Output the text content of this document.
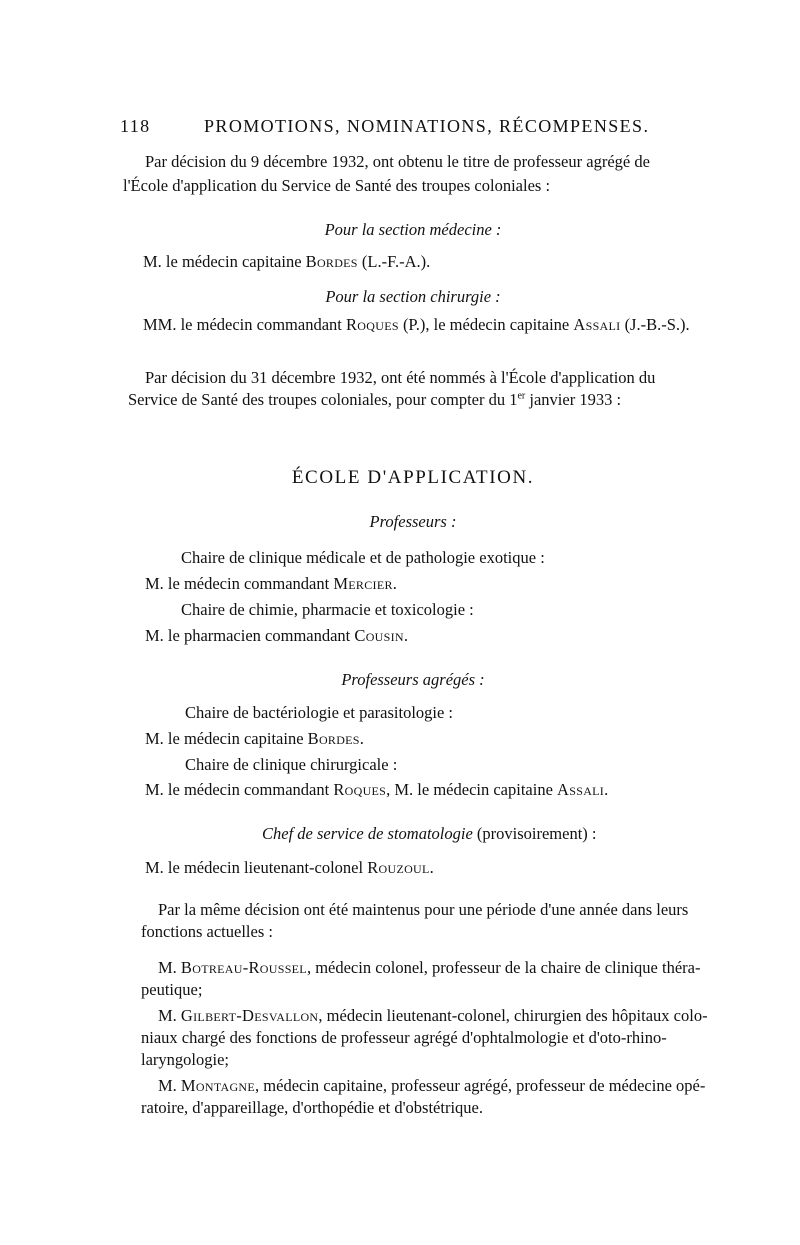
118	PROMOTIONS, NOMINATIONS, RÉCOMPENSES.

Par décision du 9 décembre 1932, ont obtenu le titre de professeur agrégé de

l'École d'application du Service de Santé des troupes coloniales :

Pour la section médecine :

M. le médecin capitaine Bordes (L.-F.-A.).

Pour la section chirurgie :

MM. le médecin commandant Roques (P.), le médecin capitaine Assali (J.-B.-S.).

Par décision du 31 décembre 1932, ont été nommés à l'École d'application du

Service de Santé des troupes coloniales, pour compter du 1er janvier 1933 :

ÉCOLE D'APPLICATION.

Professeurs :

Chaire de clinique médicale et de pathologie exotique :

M. le médecin commandant Mercier.

Chaire de chimie, pharmacie et toxicologie :

M. le pharmacien commandant Cousin.

Professeurs agrégés :

Chaire de bactériologie et parasitologie :

M. le médecin capitaine Bordes.

Chaire de clinique chirurgicale :

M. le médecin commandant Roques, M. le médecin capitaine Assali.

Chef de service de stomatologie (provisoirement) :

M. le médecin lieutenant-colonel Rouzoul.

Par la même décision ont été maintenus pour une période d'une année dans leurs

fonctions actuelles :

M. Botreau-Roussel, médecin colonel, professeur de la chaire de clinique théra-

peutique;

M. Gilbert-Desvallon, médecin lieutenant-colonel, chirurgien des hôpitaux colo-

niaux chargé des fonctions de professeur agrégé d'ophtalmologie et d'oto-rhino-

laryngologie;

M. Montagne, médecin capitaine, professeur agrégé, professeur de médecine opé-

ratoire, d'appareillage, d'orthopédie et d'obstétrique.
